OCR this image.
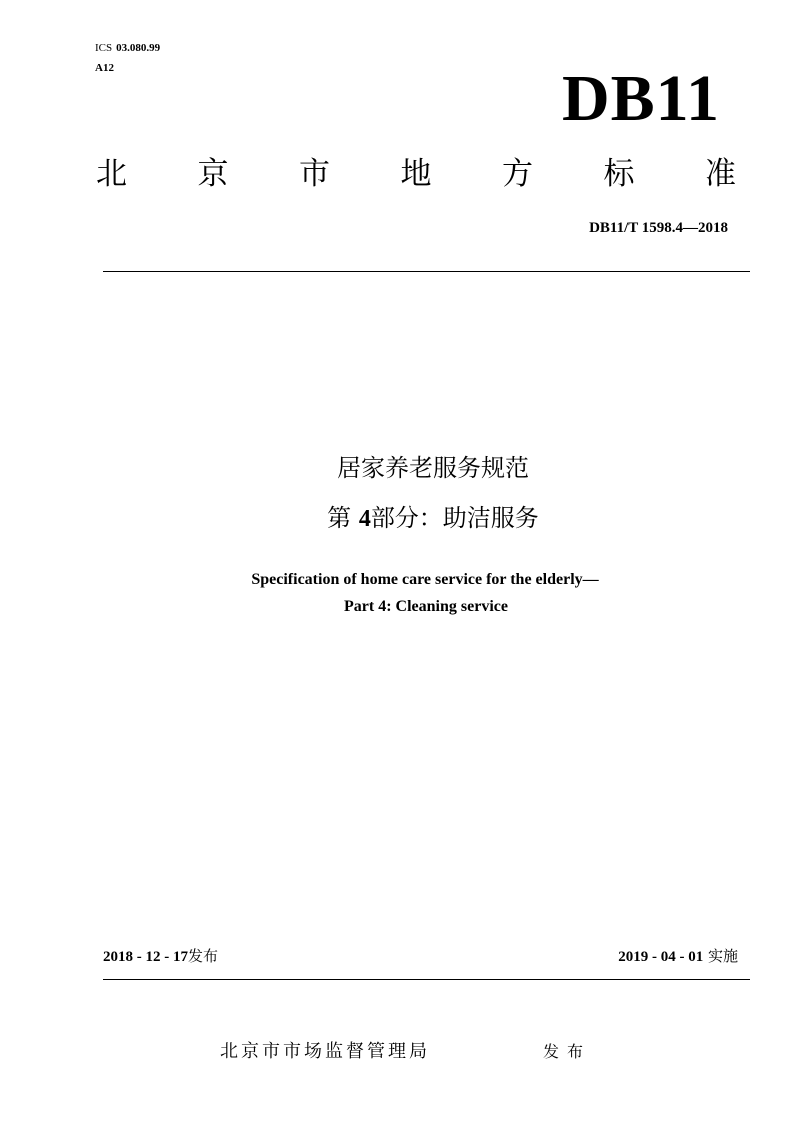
ICS 03.080.99
A12	DB11
北 京 市 地 方 标 准
DB11/T 1598.4—2018
居家养老服务规范
第 4部分：助洁服务
Specification of home care service for the elderly—
Part 4: Cleaning service
2018 - 12 - 17发布	2019 - 04 - 01 实施
北京市市场监督管理局	发布
